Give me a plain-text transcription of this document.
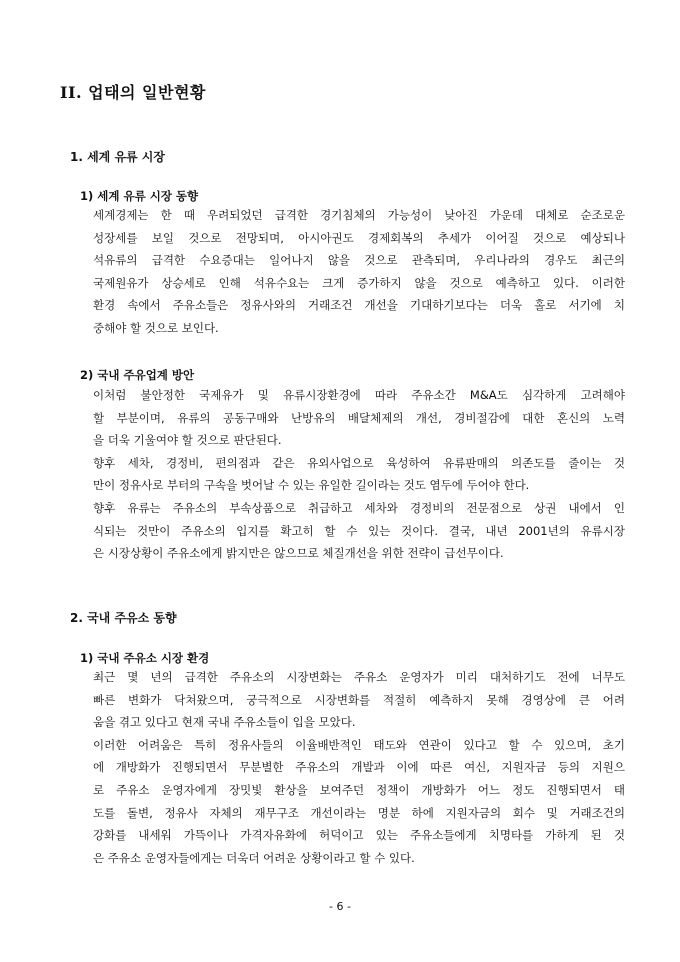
II. 업태의 일반현황
1. 세계 유류 시장
1) 세계 유류 시장 동향
세계경제는 한 때 우려되었던 급격한 경기침체의 가능성이 낮아진 가운데 대체로 순조로운
성장세를 보일 것으로 전망되며, 아시아권도 경제회복의 추세가 이어질 것으로 예상되나
석유류의 급격한 수요증대는 일어나지 않을 것으로 관측되며, 우리나라의 경우도 최근의
국제원유가 상승세로 인해 석유수요는 크게 증가하지 않을 것으로 예측하고 있다. 이러한
환경 속에서 주유소들은 정유사와의 거래조건 개선을 기대하기보다는 더욱 홀로 서기에 치
중해야 할 것으로 보인다.
2) 국내 주유업계 방안
이처럼 불안정한 국제유가 및 유류시장환경에 따라 주유소간 M&A도 심각하게 고려해야
할 부분이며, 유류의 공동구매와 난방유의 배달체제의 개선, 경비절감에 대한 혼신의 노력
을 더욱 기울여야 할 것으로 판단된다.
향후 세차, 경정비, 편의점과 같은 유외사업으로 육성하여 유류판매의 의존도를 줄이는 것
만이 정유사로 부터의 구속을 벗어날 수 있는 유일한 길이라는 것도 염두에 두어야 한다.
향후 유류는 주유소의 부속상품으로 취급하고 세차와 경정비의 전문점으로 상권 내에서 인
식되는 것만이 주유소의 입지를 확고히 할 수 있는 것이다. 결국, 내년 2001년의 유류시장
은 시장상황이 주유소에게 밝지만은 않으므로 체질개선을 위한 전략이 급선무이다.
2. 국내 주유소 동향
1) 국내 주유소 시장 환경
최근 몇 년의 급격한 주유소의 시장변화는 주유소 운영자가 미리 대처하기도 전에 너무도
빠른 변화가 닥쳐왔으며, 궁극적으로 시장변화를 적절히 예측하지 못해 경영상에 큰 어려
움을 겪고 있다고 현재 국내 주유소들이 입을 모았다.
이러한 어려움은 특히 정유사들의 이율배반적인 태도와 연관이 있다고 할 수 있으며, 초기
에 개방화가 진행되면서 무분별한 주유소의 개발과 이에 따른 여신, 지원자금 등의 지원으
로 주유소 운영자에게 장밋빛 환상을 보여주던 정책이 개방화가 어느 정도 진행되면서 태
도를 돌변, 정유사 자체의 재무구조 개선이라는 명분 하에 지원자금의 회수 및 거래조건의
강화를 내세워 가뜩이나 가격자유화에 허덕이고 있는 주유소들에게 치명타를 가하게 된 것
은 주유소 운영자들에게는 더욱더 어려운 상황이라고 할 수 있다.
- 6 -
